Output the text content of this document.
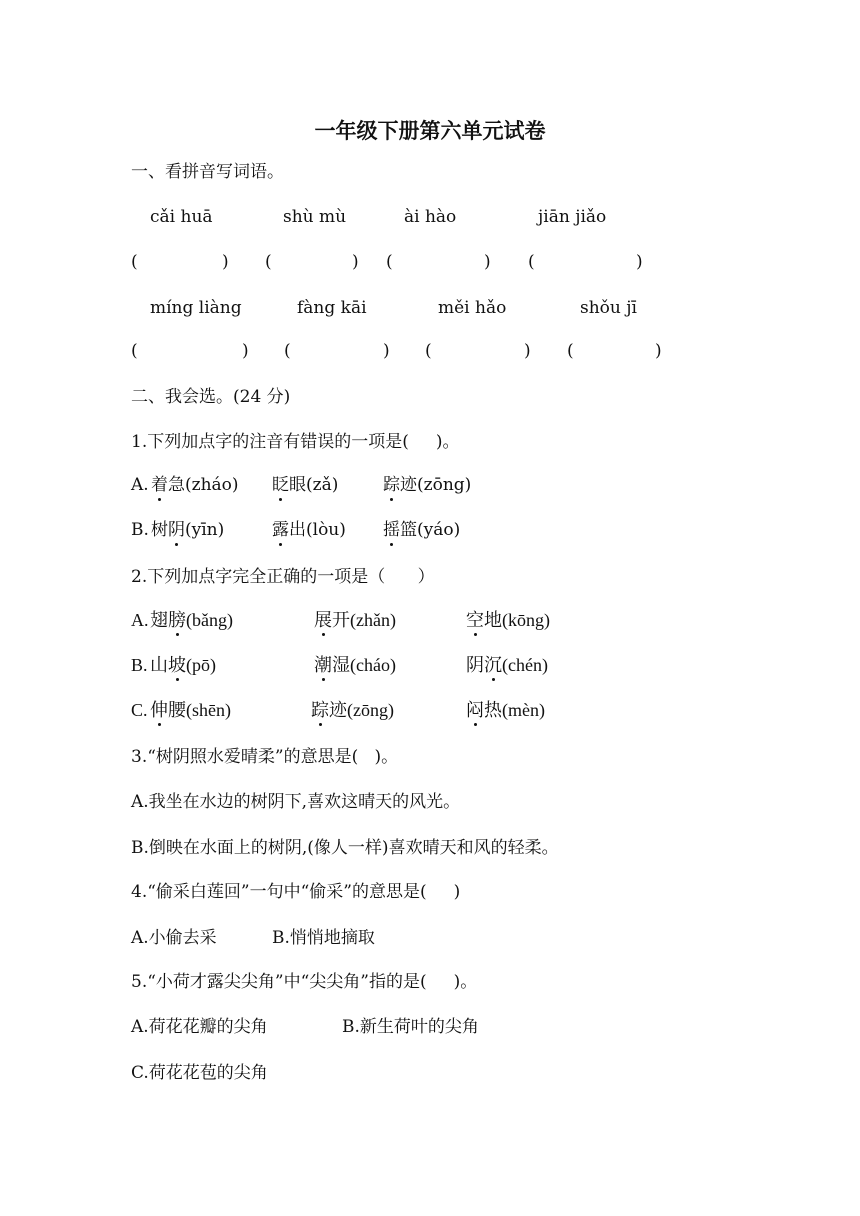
一年级下册第六单元试卷
一、看拼音写词语。
cǎi huā	shù mù	ài hào	jiān jiǎo
(	) (	) (	) (	)
míng liàng	fàng kāi	měi hǎo	shǒu jī
(	) (	) (	) (	)
二、我会选。(24 分)
1.下列加点字的注音有错误的一项是(     )。
A. 着急(zháo) 眨眼(zǎ)	踪迹(zōng)
B. 树阴(yīn)	露出(lòu) 摇篮(yáo)
2.下列加点字完全正确的一项是（      ）
A. 翅膀(bǎng)	展开(zhǎn)	空地(kōng)
B. 山坡(pō)	潮湿(cháo)	阴沉(chén)
C. 伸腰(shēn)	踪迹(zōng)	闷热(mèn)
3.“树阴照水爱晴柔”的意思是(   )。
A.我坐在水边的树阴下,喜欢这晴天的风光。
B.倒映在水面上的树阴,(像人一样)喜欢晴天和风的轻柔。
4.“偷采白莲回”一句中“偷采”的意思是(     )
A.小偷去采	B.悄悄地摘取
5.“小荷才露尖尖角”中“尖尖角”指的是(     )。
A.荷花花瓣的尖角	B.新生荷叶的尖角
C.荷花花苞的尖角
